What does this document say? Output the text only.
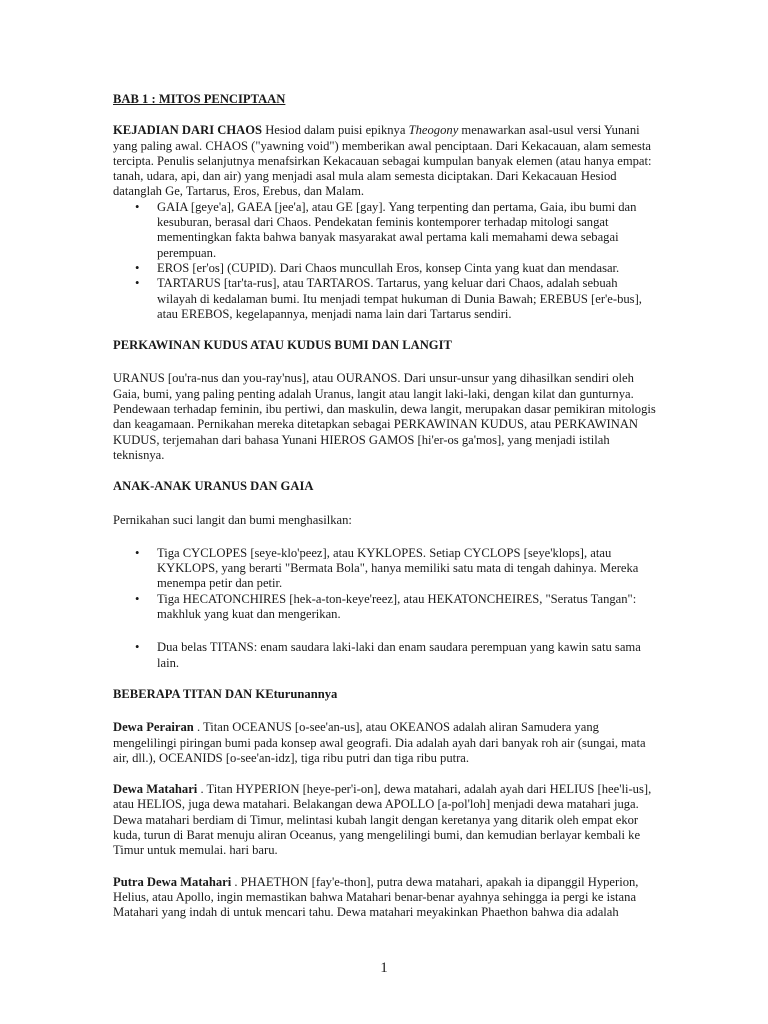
BAB 1 : MITOS PENCIPTAAN

KEJADIAN DARI CHAOS Hesiod dalam puisi epiknya Theogony menawarkan asal-usul versi Yunani yang paling awal. CHAOS ("yawning void") memberikan awal penciptaan. Dari Kekacauan, alam semesta tercipta. Penulis selanjutnya menafsirkan Kekacauan sebagai kumpulan banyak elemen (atau hanya empat: tanah, udara, api, dan air) yang menjadi asal mula alam semesta diciptakan. Dari Kekacauan Hesiod datanglah Ge, Tartarus, Eros, Erebus, dan Malam.

• GAIA [geye'a], GAEA [jee'a], atau GE [gay]. Yang terpenting dan pertama, Gaia, ibu bumi dan kesuburan, berasal dari Chaos. Pendekatan feminis kontemporer terhadap mitologi sangat mementingkan fakta bahwa banyak masyarakat awal pertama kali memahami dewa sebagai perempuan.
• EROS [er'os] (CUPID). Dari Chaos muncullah Eros, konsep Cinta yang kuat dan mendasar.
• TARTARUS [tar'ta-rus], atau TARTAROS. Tartarus, yang keluar dari Chaos, adalah sebuah wilayah di kedalaman bumi. Itu menjadi tempat hukuman di Dunia Bawah; EREBUS [er'e-bus], atau EREBOS, kegelapannya, menjadi nama lain dari Tartarus sendiri.

PERKAWINAN KUDUS ATAU KUDUS BUMI DAN LANGIT

URANUS [ou'ra-nus dan you-ray'nus], atau OURANOS. Dari unsur-unsur yang dihasilkan sendiri oleh Gaia, bumi, yang paling penting adalah Uranus, langit atau langit laki-laki, dengan kilat dan gunturnya. Pendewaan terhadap feminin, ibu pertiwi, dan maskulin, dewa langit, merupakan dasar pemikiran mitologis dan keagamaan. Pernikahan mereka ditetapkan sebagai PERKAWINAN KUDUS, atau PERKAWINAN KUDUS, terjemahan dari bahasa Yunani HIEROS GAMOS [hi'er-os ga'mos], yang menjadi istilah teknisnya.

ANAK-ANAK URANUS DAN GAIA

Pernikahan suci langit dan bumi menghasilkan:

• Tiga CYCLOPES [seye-klo'peez], atau KYKLOPES. Setiap CYCLOPS [seye'klops], atau KYKLOPS, yang berarti "Bermata Bola", hanya memiliki satu mata di tengah dahinya. Mereka menempa petir dan petir.
• Tiga HECATONCHIRES [hek-a-ton-keye'reez], atau HEKATONCHEIRES, "Seratus Tangan": makhluk yang kuat dan mengerikan.
• Dua belas TITANS: enam saudara laki-laki dan enam saudara perempuan yang kawin satu sama lain.

BEBERAPA TITAN DAN KEturunannya

Dewa Perairan . Titan OCEANUS [o-see'an-us], atau OKEANOS adalah aliran Samudera yang mengelilingi piringan bumi pada konsep awal geografi. Dia adalah ayah dari banyak roh air (sungai, mata air, dll.), OCEANIDS [o-see'an-idz], tiga ribu putri dan tiga ribu putra.

Dewa Matahari . Titan HYPERION [heye-per'i-on], dewa matahari, adalah ayah dari HELIUS [hee'li-us], atau HELIOS, juga dewa matahari. Belakangan dewa APOLLO [a-pol'loh] menjadi dewa matahari juga. Dewa matahari berdiam di Timur, melintasi kubah langit dengan keretanya yang ditarik oleh empat ekor kuda, turun di Barat menuju aliran Oceanus, yang mengelilingi bumi, dan kemudian berlayar kembali ke Timur untuk memulai. hari baru.

Putra Dewa Matahari . PHAETHON [fay'e-thon], putra dewa matahari, apakah ia dipanggil Hyperion, Helius, atau Apollo, ingin memastikan bahwa Matahari benar-benar ayahnya sehingga ia pergi ke istana Matahari yang indah di untuk mencari tahu. Dewa matahari meyakinkan Phaethon bahwa dia adalah

1
